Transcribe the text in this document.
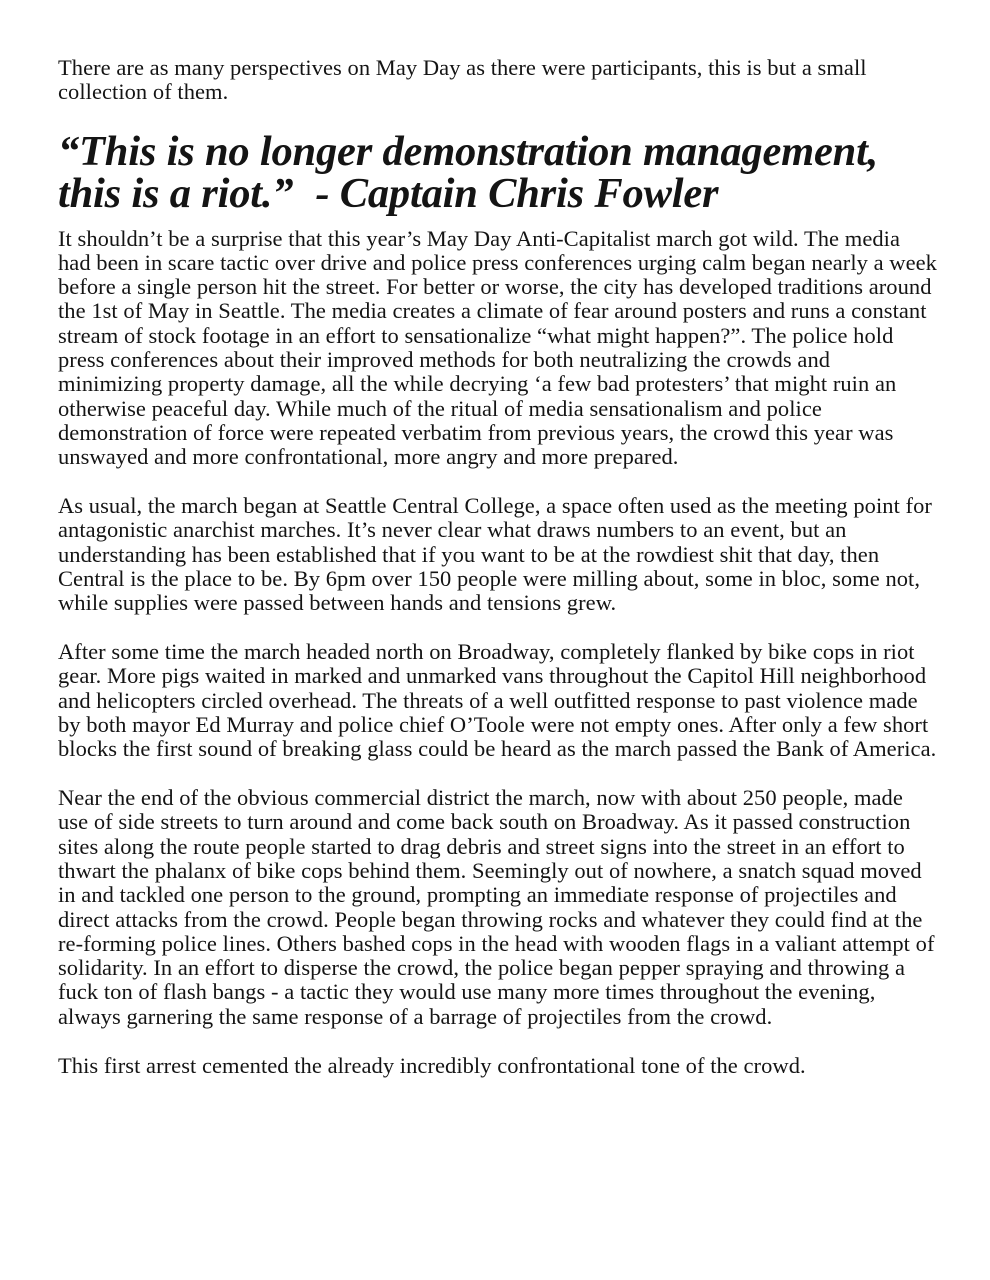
There are as many perspectives on May Day as there were participants, this is but a small collection of them.

“This is no longer demonstration management, this is a riot.” - Captain Chris Fowler

It shouldn’t be a surprise that this year’s May Day Anti-Capitalist march got wild. The media had been in scare tactic over drive and police press conferences urging calm began nearly a week before a single person hit the street. For better or worse, the city has developed traditions around the 1st of May in Seattle. The media creates a climate of fear around posters and runs a constant stream of stock footage in an effort to sensationalize “what might happen?”. The police hold press conferences about their improved methods for both neutralizing the crowds and minimizing property damage, all the while decrying ‘a few bad protesters’ that might ruin an otherwise peaceful day. While much of the ritual of media sensationalism and police demonstration of force were repeated verbatim from previous years, the crowd this year was unswayed and more confrontational, more angry and more prepared.

As usual, the march began at Seattle Central College, a space often used as the meeting point for antagonistic anarchist marches. It’s never clear what draws numbers to an event, but an understanding has been established that if you want to be at the rowdiest shit that day, then Central is the place to be. By 6pm over 150 people were milling about, some in bloc, some not, while supplies were passed between hands and tensions grew.

After some time the march headed north on Broadway, completely flanked by bike cops in riot gear. More pigs waited in marked and unmarked vans throughout the Capitol Hill neighborhood and helicopters circled overhead. The threats of a well outfitted response to past violence made by both mayor Ed Murray and police chief O’Toole were not empty ones. After only a few short blocks the first sound of breaking glass could be heard as the march passed the Bank of America.

Near the end of the obvious commercial district the march, now with about 250 people, made use of side streets to turn around and come back south on Broadway. As it passed construction sites along the route people started to drag debris and street signs into the street in an effort to thwart the phalanx of bike cops behind them. Seemingly out of nowhere, a snatch squad moved in and tackled one person to the ground, prompting an immediate response of projectiles and direct attacks from the crowd. People began throwing rocks and whatever they could find at the re-forming police lines. Others bashed cops in the head with wooden flags in a valiant attempt of solidarity. In an effort to disperse the crowd, the police began pepper spraying and throwing a fuck ton of flash bangs - a tactic they would use many more times throughout the evening, always garnering the same response of a barrage of projectiles from the crowd.

This first arrest cemented the already incredibly confrontational tone of the crowd.
